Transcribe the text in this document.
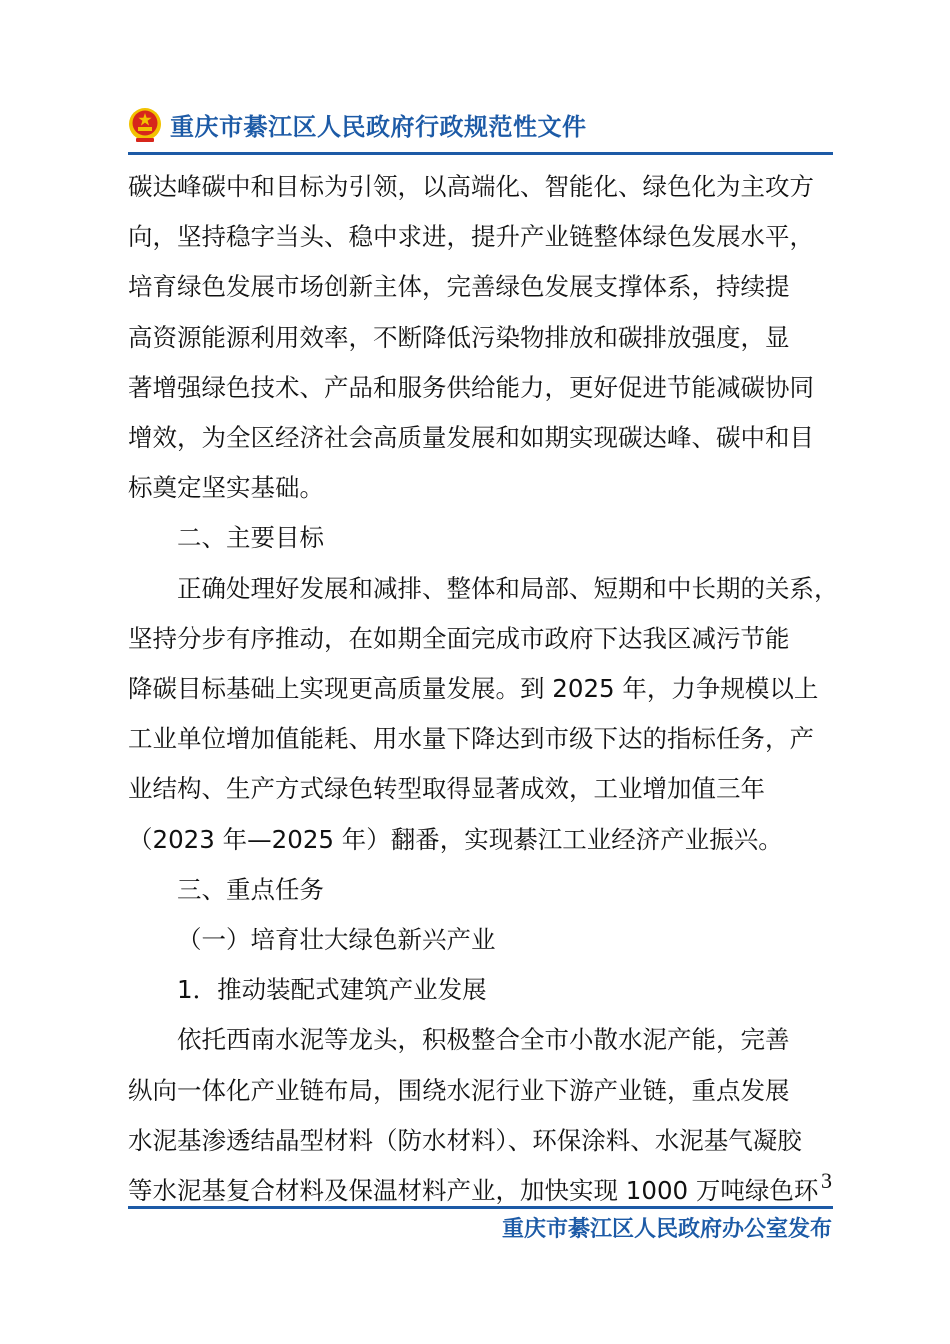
重庆市綦江区人民政府行政规范性文件

碳达峰碳中和目标为引领，以高端化、智能化、绿色化为主攻方

向，坚持稳字当头、稳中求进，提升产业链整体绿色发展水平，

培育绿色发展市场创新主体，完善绿色发展支撑体系，持续提

高资源能源利用效率，不断降低污染物排放和碳排放强度，显

著增强绿色技术、产品和服务供给能力，更好促进节能减碳协同

增效，为全区经济社会高质量发展和如期实现碳达峰、碳中和目

标奠定坚实基础。

二、主要目标

正确处理好发展和减排、整体和局部、短期和中长期的关系，

坚持分步有序推动，在如期全面完成市政府下达我区减污节能

降碳目标基础上实现更高质量发展。到 2025 年，力争规模以上

工业单位增加值能耗、用水量下降达到市级下达的指标任务，产

业结构、生产方式绿色转型取得显著成效，工业增加值三年

（2023 年—2025 年）翻番，实现綦江工业经济产业振兴。

三、重点任务

（一）培育壮大绿色新兴产业

1．推动装配式建筑产业发展

依托西南水泥等龙头，积极整合全市小散水泥产能，完善

纵向一体化产业链布局，围绕水泥行业下游产业链，重点发展

水泥基渗透结晶型材料（防水材料）、环保涂料、水泥基气凝胶

等水泥基复合材料及保温材料产业，加快实现 1000 万吨绿色环 3
重庆市綦江区人民政府办公室发布
